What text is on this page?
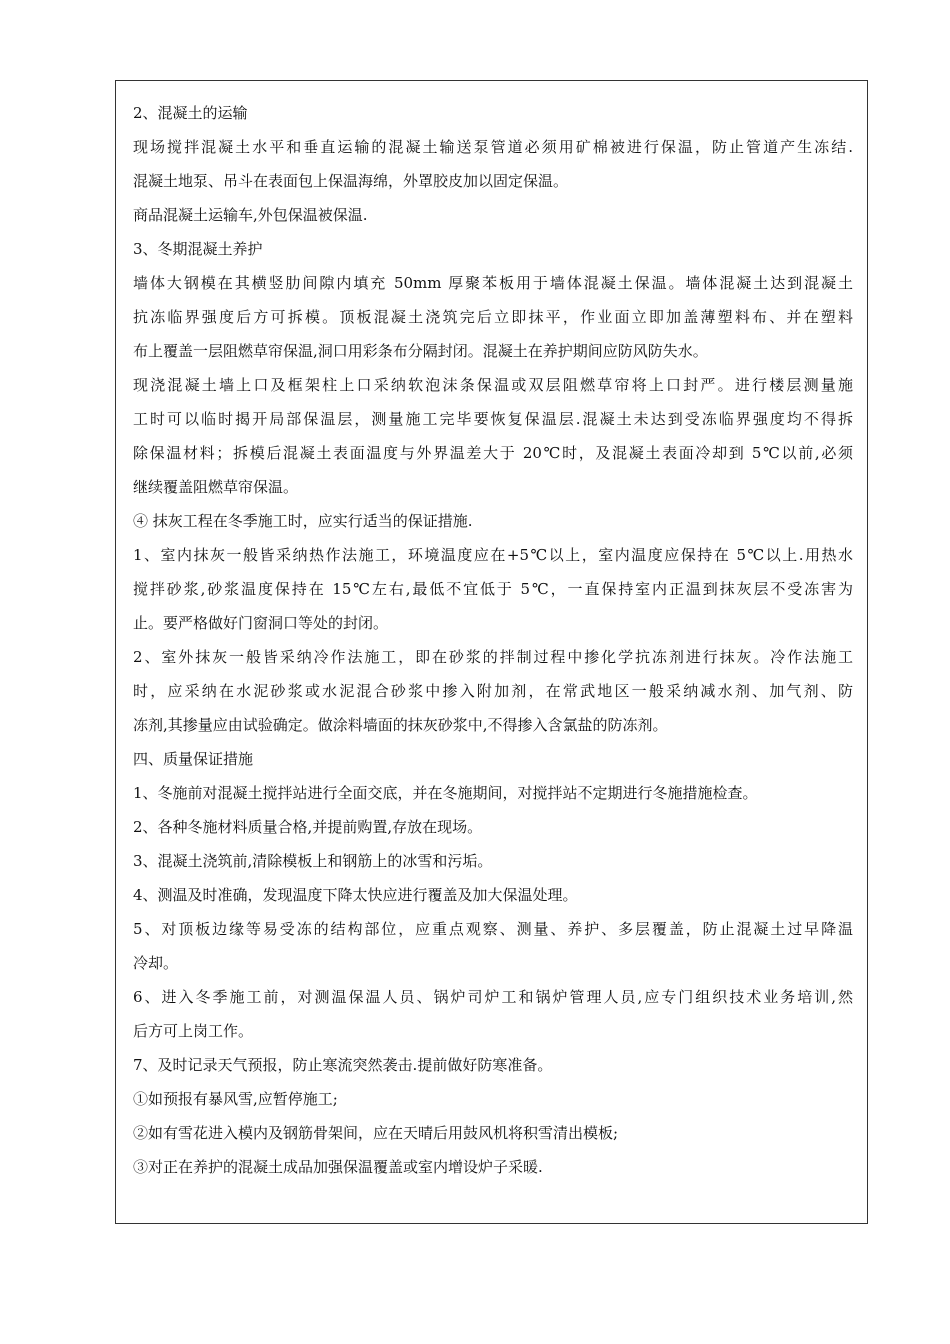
2、混凝土的运输
现场搅拌混凝土水平和垂直运输的混凝土输送泵管道必须用矿棉被进行保温，防止管道产生冻结.
混凝土地泵、吊斗在表面包上保温海绵，外罩胶皮加以固定保温。
商品混凝土运输车,外包保温被保温.
3、冬期混凝土养护
墙体大钢模在其横竖肋间隙内填充 50mm 厚聚苯板用于墙体混凝土保温。墙体混凝土达到混凝土
抗冻临界强度后方可拆模。顶板混凝土浇筑完后立即抹平，作业面立即加盖薄塑料布、并在塑料
布上覆盖一层阻燃草帘保温,洞口用彩条布分隔封闭。混凝土在养护期间应防风防失水。
现浇混凝土墙上口及框架柱上口采纳软泡沫条保温或双层阻燃草帘将上口封严。进行楼层测量施
工时可以临时揭开局部保温层，测量施工完毕要恢复保温层.混凝土未达到受冻临界强度均不得拆
除保温材料；拆模后混凝土表面温度与外界温差大于 20℃时，及混凝土表面冷却到 5℃以前,必须
继续覆盖阻燃草帘保温。
④ 抹灰工程在冬季施工时，应实行适当的保证措施.
1、室内抹灰一般皆采纳热作法施工，环境温度应在+5℃以上，室内温度应保持在 5℃以上.用热水
搅拌砂浆,砂浆温度保持在 15℃左右,最低不宜低于 5℃，一直保持室内正温到抹灰层不受冻害为
止。要严格做好门窗洞口等处的封闭。
2、室外抹灰一般皆采纳冷作法施工，即在砂浆的拌制过程中掺化学抗冻剂进行抹灰。冷作法施工
时，应采纳在水泥砂浆或水泥混合砂浆中掺入附加剂，在常武地区一般采纳减水剂、加气剂、防
冻剂,其掺量应由试验确定。做涂料墙面的抹灰砂浆中,不得掺入含氯盐的防冻剂。
四、质量保证措施
1、冬施前对混凝土搅拌站进行全面交底，并在冬施期间，对搅拌站不定期进行冬施措施检查。
2、各种冬施材料质量合格,并提前购置,存放在现场。
3、混凝土浇筑前,清除模板上和钢筋上的冰雪和污垢。
4、测温及时准确，发现温度下降太快应进行覆盖及加大保温处理。
5、对顶板边缘等易受冻的结构部位，应重点观察、测量、养护、多层覆盖，防止混凝土过早降温
冷却。
6、进入冬季施工前，对测温保温人员、锅炉司炉工和锅炉管理人员,应专门组织技术业务培训,然
后方可上岗工作。
7、及时记录天气预报，防止寒流突然袭击.提前做好防寒准备。
①如预报有暴风雪,应暂停施工;
②如有雪花进入模内及钢筋骨架间，应在天晴后用鼓风机将积雪清出模板;
③对正在养护的混凝土成品加强保温覆盖或室内增设炉子采暖.
